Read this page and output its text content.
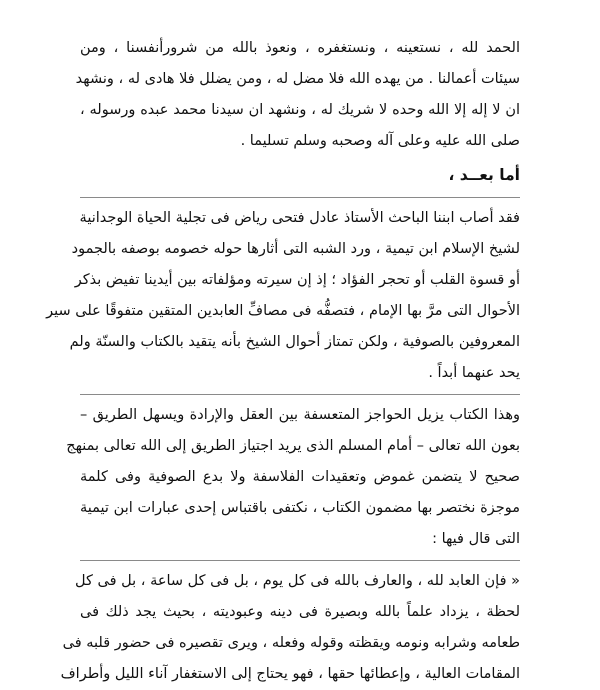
الحمد لله ، نستعينه ، ونستغفره ، ونعوذ بالله من شرورأنفسنا ، ومن
سيئات أعمالنا . من يهده الله فلا مضل له ، ومن يضلل فلا هادى له ، ونشهد
ان لا إله إلا الله وحده لا شريك له ، ونشهد ان سيدنا محمد عبده ورسوله ،
صلى الله عليه وعلى آله وصحبه وسلم تسليما .
أما بعــد ،
فقد أصاب ابننا الباحث الأستاذ عادل فتحى رياض فى تجلية الحياة الوجدانية
لشيخ الإسلام ابن تيمية ، ورد الشبه التى أثارها حوله خصومه بوصفه بالجمود
أو قسوة القلب أو تحجر الفؤاد ؛ إذ إن سيرته ومؤلفاته بين أيدينا تفيض بذكر
الأحوال التى مرَّ بها الإمام ، فتصفُّه فى مصافِّ العابدين المتقين متفوقًا على سير
المعروفين بالصوفية ، ولكن تمتاز أحوال الشيخ بأنه يتقيد بالكتاب والسنّة ولم
يحد عنهما أبداً .
وهذا الكتاب يزيل الحواجز المتعسفة بين العقل والإرادة ويسهل الطريق –
بعون الله تعالى – أمام المسلم الذى يريد اجتياز الطريق إلى الله تعالى بمنهج
صحيح لا يتضمن غموض وتعقيدات الفلاسفة ولا بدع الصوفية وفى كلمة
موجزة نختصر بها مضمون الكتاب ، نكتفى باقتباس إحدى عبارات ابن تيمية
التى قال فيها :
« فإن العابد لله ، والعارف بالله فى كل يوم ، بل فى كل ساعة ، بل فى كل
لحظة ، يزداد علماً بالله وبصيرة فى دينه وعبوديته ، بحيث يجد ذلك فى
طعامه وشرابه ونومه ويقظته وقوله وفعله ، ويرى تقصيره فى حضور قلبه فى
المقامات العالية ، وإعطائها حقها ، فهو يحتاج إلى الاستغفار آناء الليل وأطراف
